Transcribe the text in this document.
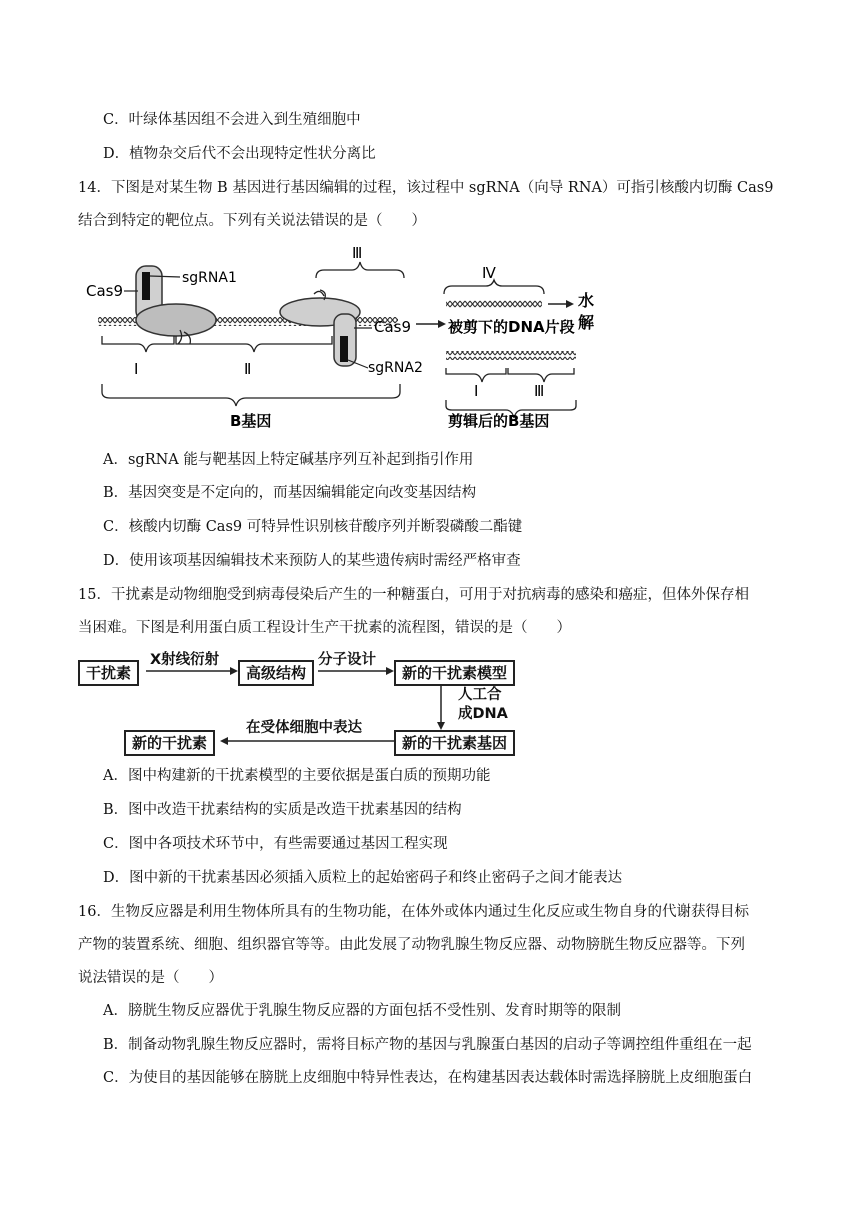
C．叶绿体基因组不会进入到生殖细胞中
D．植物杂交后代不会出现特定性状分离比
14．下图是对某生物 B 基因进行基因编辑的过程，该过程中 sgRNA（向导 RNA）可指引核酸内切酶 Cas9
结合到特定的靶位点。下列有关说法错误的是（　　）
Cas9
sgRNA1
Ⅲ
Cas9
sgRNA2
Ⅰ	Ⅱ
B基因
Ⅳ
水
解
被剪下的DNA片段
Ⅰ	Ⅲ
剪辑后的B基因
A．sgRNA 能与靶基因上特定碱基序列互补起到指引作用
B．基因突变是不定向的，而基因编辑能定向改变基因结构
C．核酸内切酶 Cas9 可特异性识别核苷酸序列并断裂磷酸二酯键
D．使用该项基因编辑技术来预防人的某些遗传病时需经严格审查
15．干扰素是动物细胞受到病毒侵染后产生的一种糖蛋白，可用于对抗病毒的感染和癌症，但体外保存相
当困难。下图是利用蛋白质工程设计生产干扰素的流程图，错误的是（　　）
干扰素
X射线衍射
高级结构
分子设计
新的干扰素模型
人工合
成DNA
新的干扰素基因
在受体细胞中表达
新的干扰素
A．图中构建新的干扰素模型的主要依据是蛋白质的预期功能
B．图中改造干扰素结构的实质是改造干扰素基因的结构
C．图中各项技术环节中，有些需要通过基因工程实现
D．图中新的干扰素基因必须插入质粒上的起始密码子和终止密码子之间才能表达
16．生物反应器是利用生物体所具有的生物功能，在体外或体内通过生化反应或生物自身的代谢获得目标
产物的装置系统、细胞、组织器官等等。由此发展了动物乳腺生物反应器、动物膀胱生物反应器等。下列
说法错误的是（　　）
A．膀胱生物反应器优于乳腺生物反应器的方面包括不受性别、发育时期等的限制
B．制备动物乳腺生物反应器时，需将目标产物的基因与乳腺蛋白基因的启动子等调控组件重组在一起
C．为使目的基因能够在膀胱上皮细胞中特异性表达，在构建基因表达载体时需选择膀胱上皮细胞蛋白
